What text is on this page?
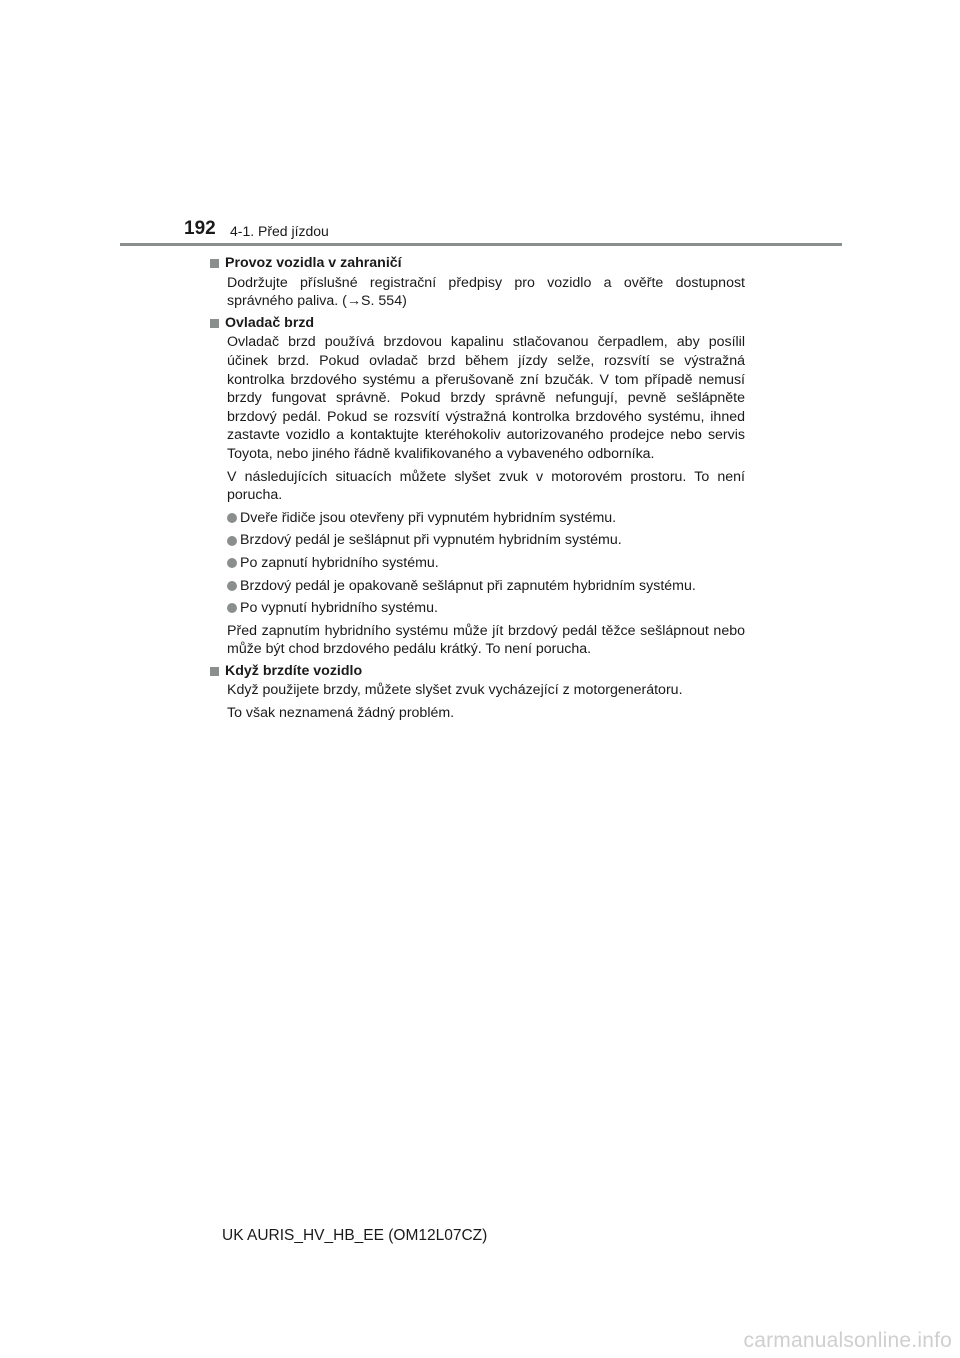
192 4-1. Před jízdou
Provoz vozidla v zahraničí

Dodržujte příslušné registrační předpisy pro vozidlo a ověřte dostupnost správného paliva. (→S. 554)

Ovladač brzd

Ovladač brzd používá brzdovou kapalinu stlačovanou čerpadlem, aby posílil účinek brzd. Pokud ovladač brzd během jízdy selže, rozsvítí se výstražná kontrolka brzdového systému a přerušovaně zní bzučák. V tom případě nemusí brzdy fungovat správně. Pokud brzdy správně nefungují, pevně sešlápněte brzdový pedál. Pokud se rozsvítí výstražná kontrolka brzdového systému, ihned zastavte vozidlo a kontaktujte kteréhokoliv autorizovaného prodejce nebo servis Toyota, nebo jiného řádně kvalifikovaného a vybaveného odborníka.

V následujících situacích můžete slyšet zvuk v motorovém prostoru. To není porucha.

Dveře řidiče jsou otevřeny při vypnutém hybridním systému.
Brzdový pedál je sešlápnut při vypnutém hybridním systému.
Po zapnutí hybridního systému.
Brzdový pedál je opakovaně sešlápnut při zapnutém hybridním systému.
Po vypnutí hybridního systému.

Před zapnutím hybridního systému může jít brzdový pedál těžce sešlápnout nebo může být chod brzdového pedálu krátký. To není porucha.

Když brzdíte vozidlo

Když použijete brzdy, můžete slyšet zvuk vycházející z motorgenerátoru.

To však neznamená žádný problém.

UK AURIS_HV_HB_EE (OM12L07CZ)
carmanualsonline.info
